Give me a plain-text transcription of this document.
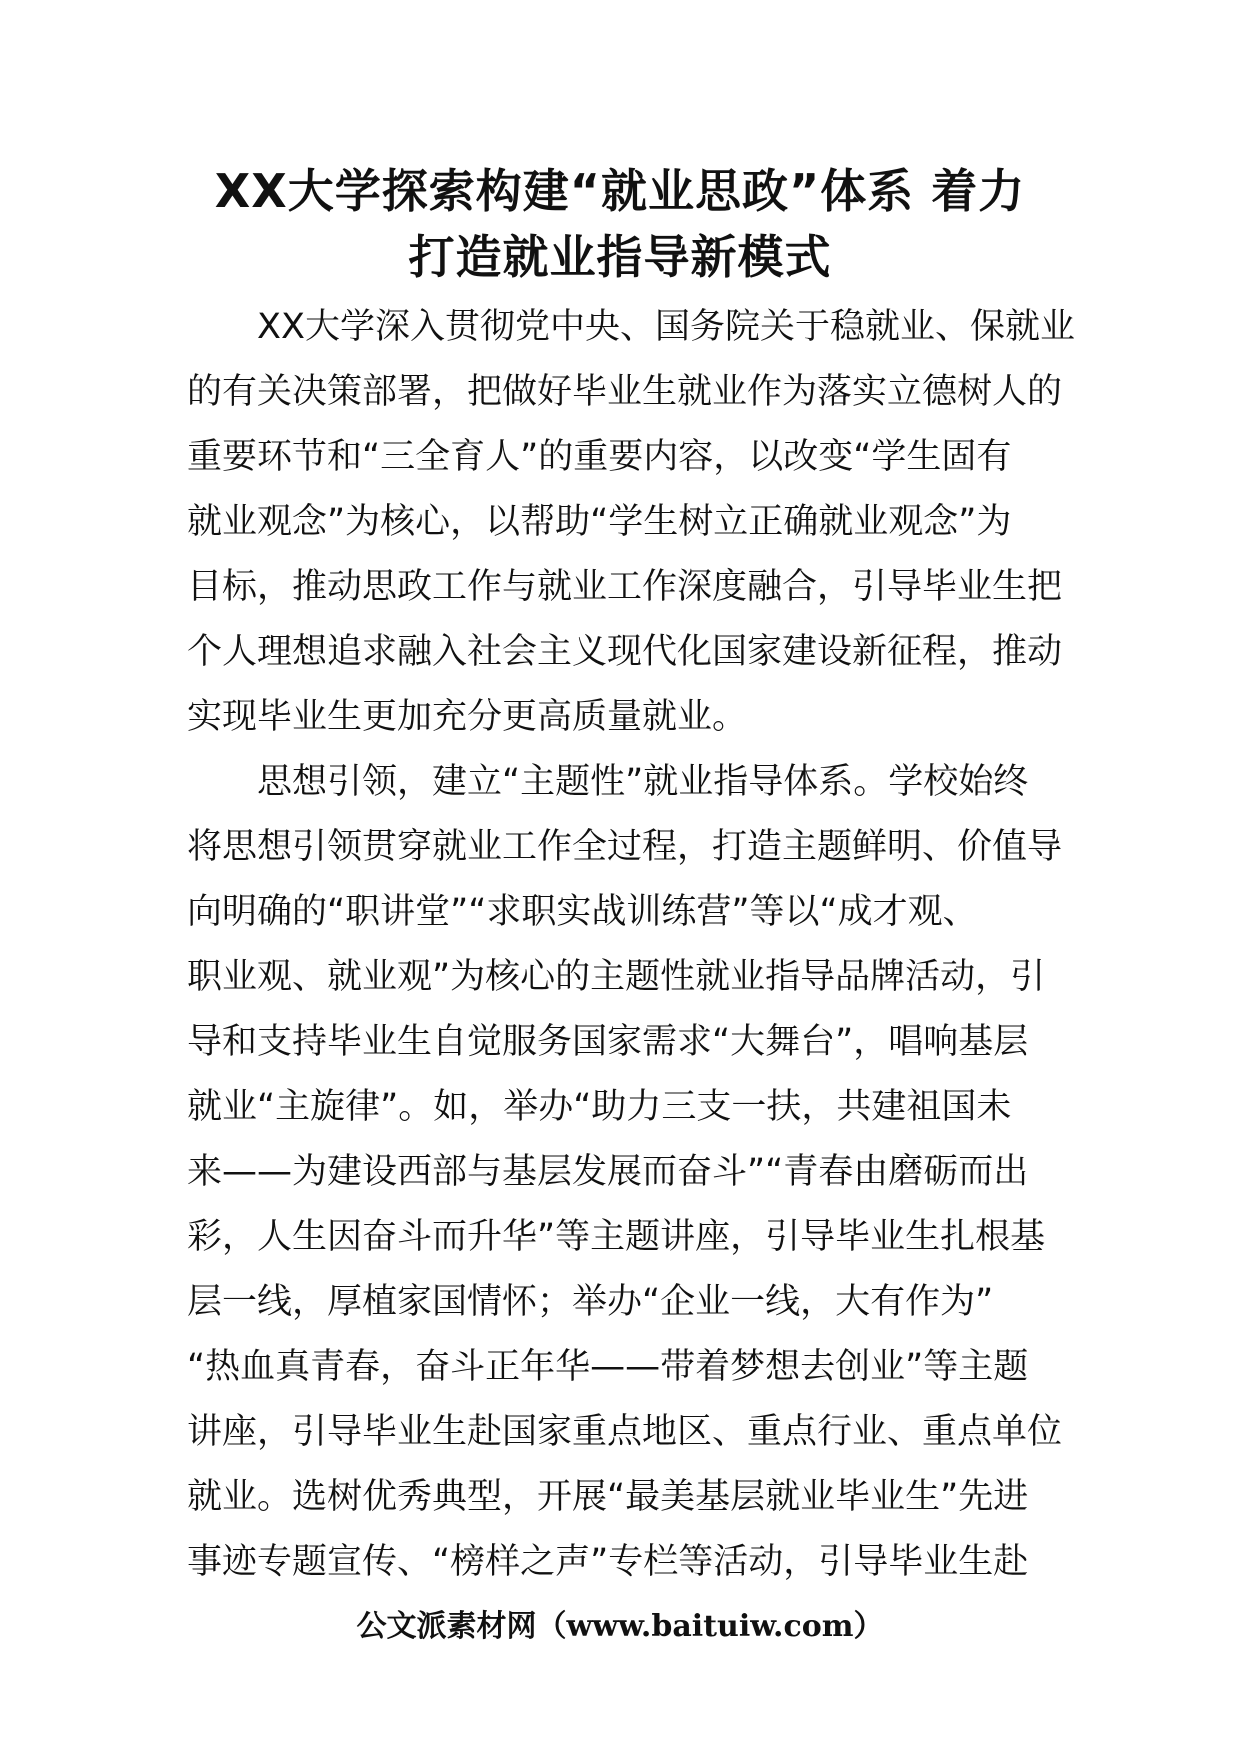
XX大学探索构建“就业思政”体系 着力
打造就业指导新模式

　　XX大学深入贯彻党中央、国务院关于稳就业、保就业
的有关决策部署，把做好毕业生就业作为落实立德树人的
重要环节和“三全育人”的重要内容，以改变“学生固有
就业观念”为核心，以帮助“学生树立正确就业观念”为
目标，推动思政工作与就业工作深度融合，引导毕业生把
个人理想追求融入社会主义现代化国家建设新征程，推动
实现毕业生更加充分更高质量就业。

　　思想引领，建立“主题性”就业指导体系。学校始终
将思想引领贯穿就业工作全过程，打造主题鲜明、价值导
向明确的“职讲堂”“求职实战训练营”等以“成才观、
职业观、就业观”为核心的主题性就业指导品牌活动，引
导和支持毕业生自觉服务国家需求“大舞台”，唱响基层
就业“主旋律”。如，举办“助力三支一扶，共建祖国未
来——为建设西部与基层发展而奋斗”“青春由磨砺而出
彩，人生因奋斗而升华”等主题讲座，引导毕业生扎根基
层一线，厚植家国情怀；举办“企业一线，大有作为”
“热血真青春，奋斗正年华——带着梦想去创业”等主题
讲座，引导毕业生赴国家重点地区、重点行业、重点单位
就业。选树优秀典型，开展“最美基层就业毕业生”先进
事迹专题宣传、“榜样之声”专栏等活动，引导毕业生赴

公文派素材网（www.baituiw.com）
